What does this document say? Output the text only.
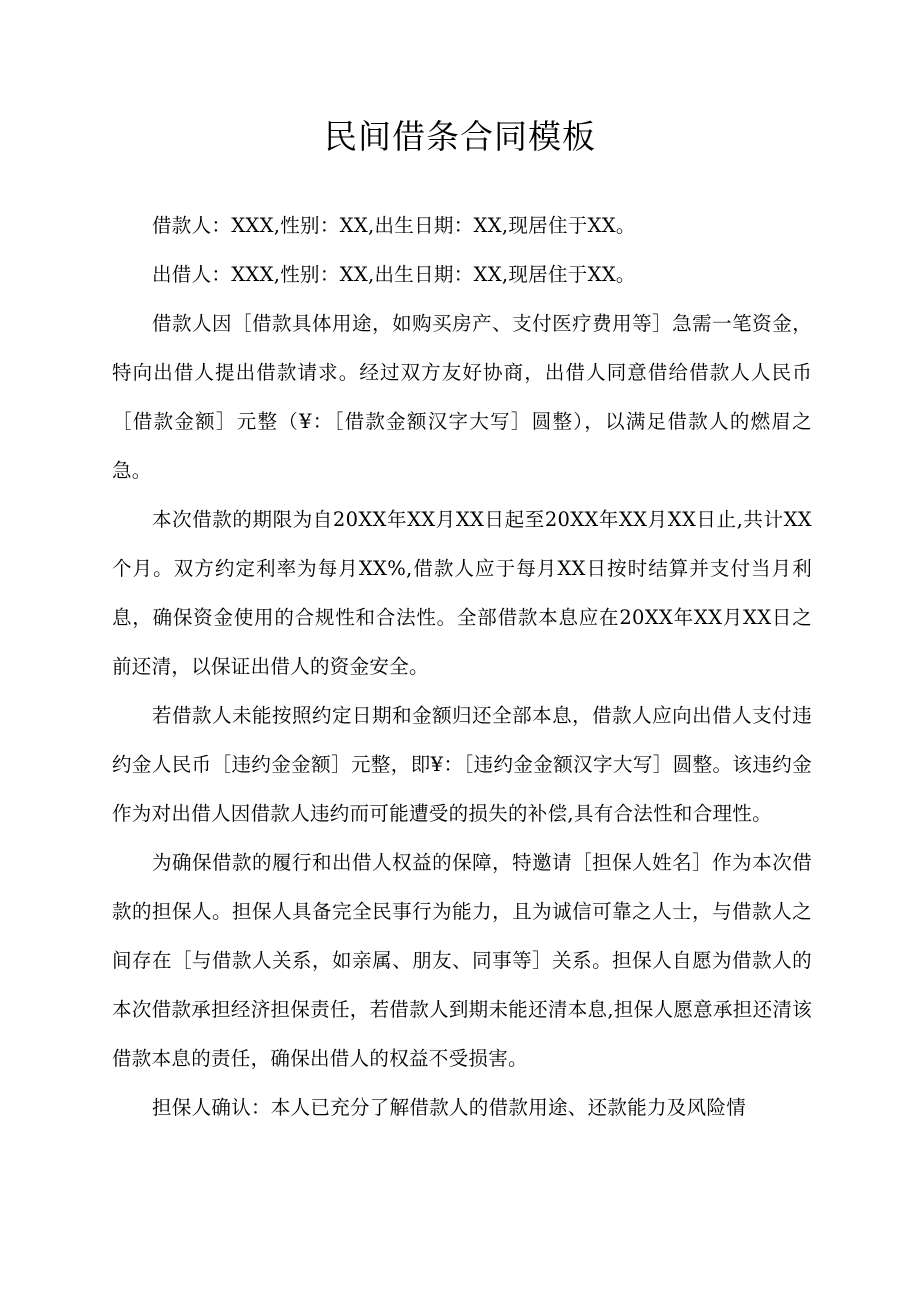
民间借条合同模板

借款人：XXX,性别：XX,出生日期：XX,现居住于XX。

出借人：XXX,性别：XX,出生日期：XX,现居住于XX。

借款人因［借款具体用途，如购买房产、支付医疗费用等］急需一笔资金，特向出借人提出借款请求。经过双方友好协商，出借人同意借给借款人人民币［借款金额］元整（¥：［借款金额汉字大写］圆整），以满足借款人的燃眉之急。

本次借款的期限为自20XX年XX月XX日起至20XX年XX月XX日止,共计XX个月。双方约定利率为每月XX%,借款人应于每月XX日按时结算并支付当月利息，确保资金使用的合规性和合法性。全部借款本息应在20XX年XX月XX日之前还清，以保证出借人的资金安全。

若借款人未能按照约定日期和金额归还全部本息，借款人应向出借人支付违约金人民币［违约金金额］元整，即¥：［违约金金额汉字大写］圆整。该违约金作为对出借人因借款人违约而可能遭受的损失的补偿,具有合法性和合理性。

为确保借款的履行和出借人权益的保障，特邀请［担保人姓名］作为本次借款的担保人。担保人具备完全民事行为能力，且为诚信可靠之人士，与借款人之间存在［与借款人关系，如亲属、朋友、同事等］关系。担保人自愿为借款人的本次借款承担经济担保责任，若借款人到期未能还清本息,担保人愿意承担还清该借款本息的责任，确保出借人的权益不受损害。

担保人确认：本人已充分了解借款人的借款用途、还款能力及风险情
